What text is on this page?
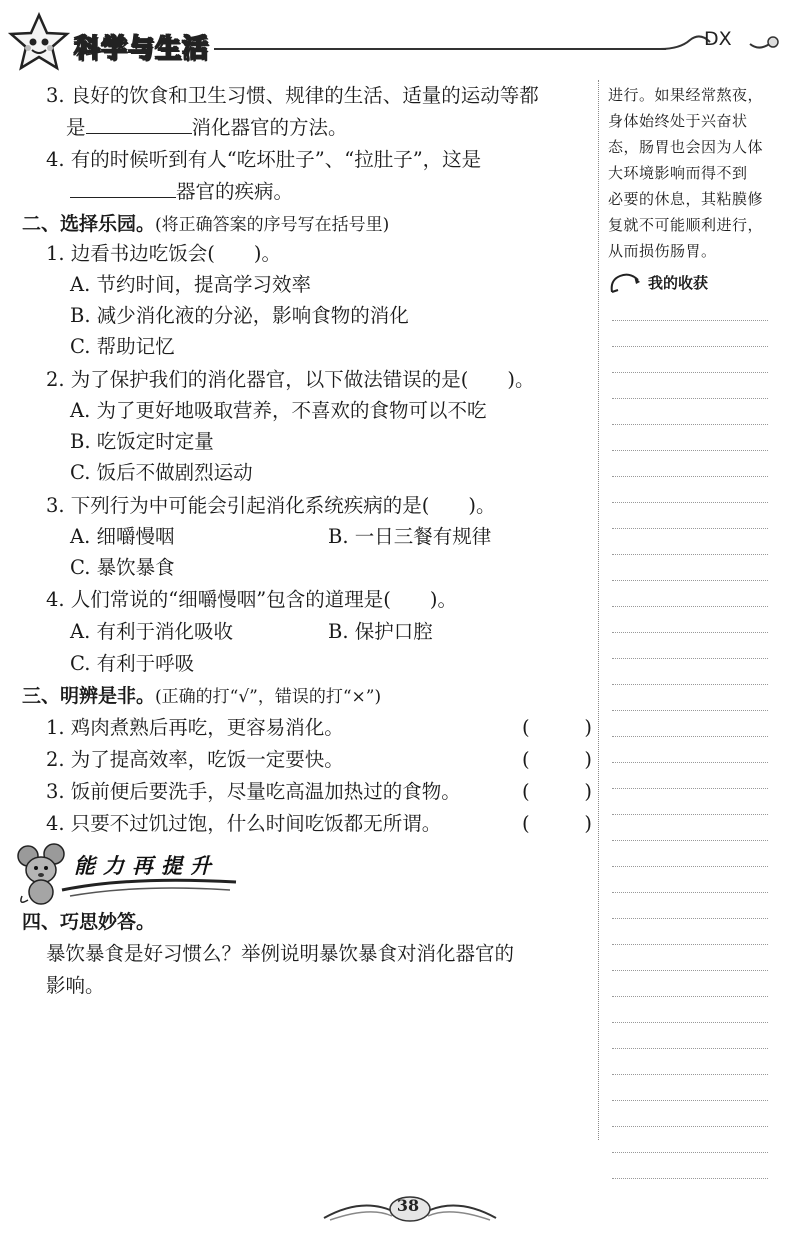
科学与生活	DX
3. 良好的饮食和卫生习惯、规律的生活、适量的运动等都
是	消化器官的方法。
4. 有的时候听到有人“吃坏肚子”、“拉肚子”，这是
器官的疾病。
二、选择乐园。(将正确答案的序号写在括号里)
1. 边看书边吃饭会(　　)。
A. 节约时间，提高学习效率
B. 减少消化液的分泌，影响食物的消化
C. 帮助记忆
2. 为了保护我们的消化器官，以下做法错误的是(　　)。
A. 为了更好地吸取营养，不喜欢的食物可以不吃
B. 吃饭定时定量
C. 饭后不做剧烈运动
3. 下列行为中可能会引起消化系统疾病的是(　　)。
A. 细嚼慢咽	B. 一日三餐有规律
C. 暴饮暴食
4. 人们常说的“细嚼慢咽”包含的道理是(　　)。
A. 有利于消化吸收	B. 保护口腔
C. 有利于呼吸
三、明辨是非。(正确的打“√”，错误的打“×”)
1. 鸡肉煮熟后再吃，更容易消化。	(	)
2. 为了提高效率，吃饭一定要快。	(	)
3. 饭前便后要洗手，尽量吃高温加热过的食物。	(	)
4. 只要不过饥过饱，什么时间吃饭都无所谓。	(	)
四、巧思妙答。
暴饮暴食是好习惯么？举例说明暴饮暴食对消化器官的
影响。
能力再提升
进行。如果经常熬夜，
身体始终处于兴奋状
态，肠胃也会因为人体
大环境影响而得不到
必要的休息，其粘膜修
复就不可能顺利进行，
从而损伤肠胃。
我的收获
38
